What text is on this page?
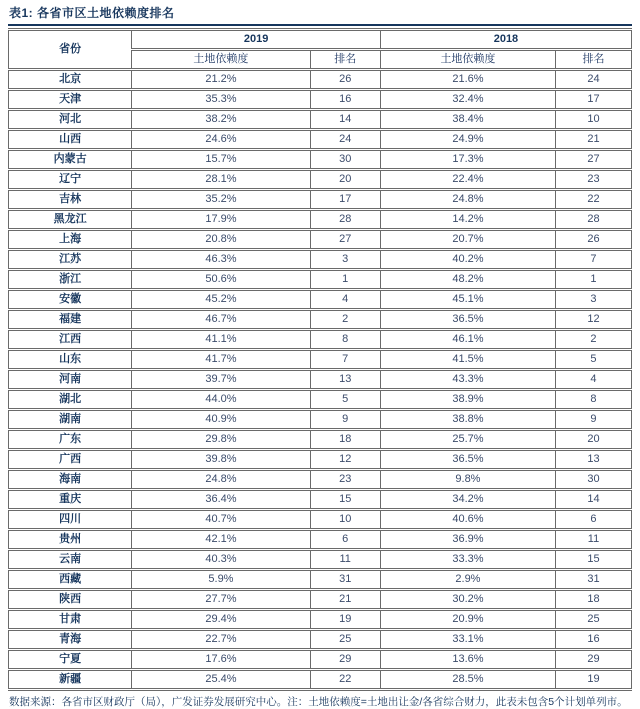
表1: 各省市区土地依赖度排名
省份	2019		2018	
	土地依赖度	排名	土地依赖度	排名
北京	21.2%	26	21.6%	24
天津	35.3%	16	32.4%	17
河北	38.2%	14	38.4%	10
山西	24.6%	24	24.9%	21
内蒙古	15.7%	30	17.3%	27
辽宁	28.1%	20	22.4%	23
吉林	35.2%	17	24.8%	22
黑龙江	17.9%	28	14.2%	28
上海	20.8%	27	20.7%	26
江苏	46.3%	3	40.2%	7
浙江	50.6%	1	48.2%	1
安徽	45.2%	4	45.1%	3
福建	46.7%	2	36.5%	12
江西	41.1%	8	46.1%	2
山东	41.7%	7	41.5%	5
河南	39.7%	13	43.3%	4
湖北	44.0%	5	38.9%	8
湖南	40.9%	9	38.8%	9
广东	29.8%	18	25.7%	20
广西	39.8%	12	36.5%	13
海南	24.8%	23	9.8%	30
重庆	36.4%	15	34.2%	14
四川	40.7%	10	40.6%	6
贵州	42.1%	6	36.9%	11
云南	40.3%	11	33.3%	15
西藏	5.9%	31	2.9%	31
陕西	27.7%	21	30.2%	18
甘肃	29.4%	19	20.9%	25
青海	22.7%	25	33.1%	16
宁夏	17.6%	29	13.6%	29
新疆	25.4%	22	28.5%	19
数据来源：各省市区财政厅（局），广发证券发展研究中心。注：土地依赖度=土地出让金/各省综合财力，此表未包含5个计划单列市。
